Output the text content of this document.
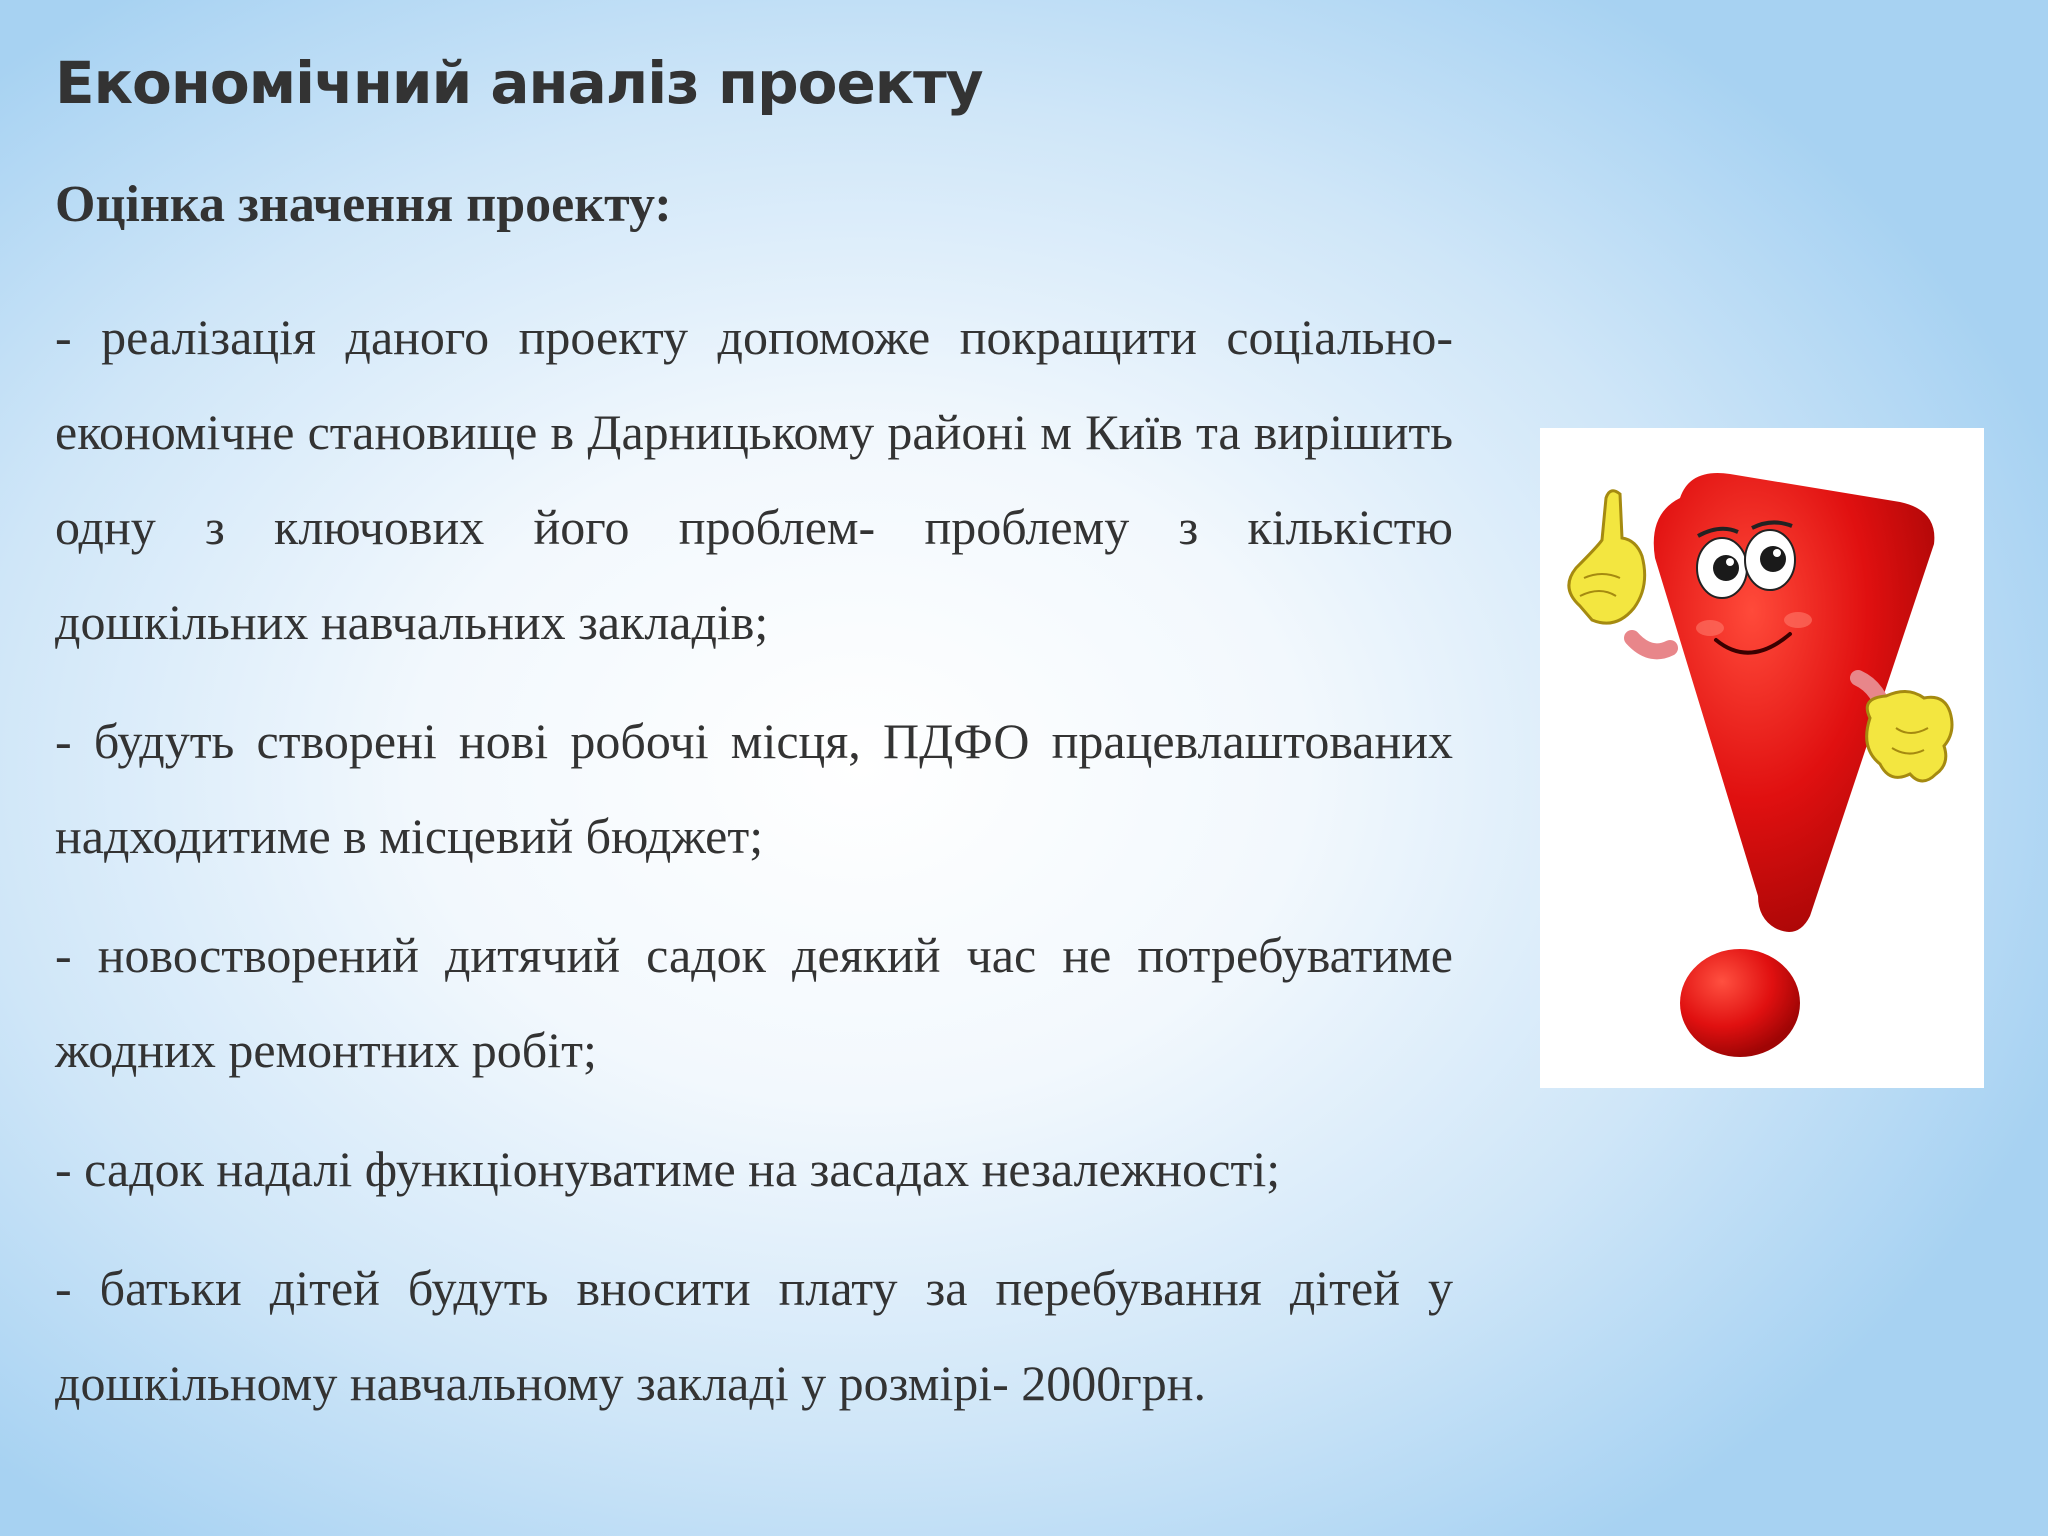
Економічний аналіз проекту
Оцінка значення проекту:

- реалізація даного проекту допоможе покращити соціально-економічне становище в Дарницькому районі м Київ та вирішить одну з ключових його проблем- проблему з кількістю дошкільних навчальних закладів;

- будуть створені нові робочі місця, ПДФО працевлаштованих надходитиме в місцевий бюджет;

- новостворений дитячий садок деякий час не потребуватиме жодних ремонтних робіт;

- садок надалі функціонуватиме на засадах незалежності;

- батьки дітей будуть вносити плату за перебування дітей у дошкільному навчальному закладі у розмірі- 2000грн.
